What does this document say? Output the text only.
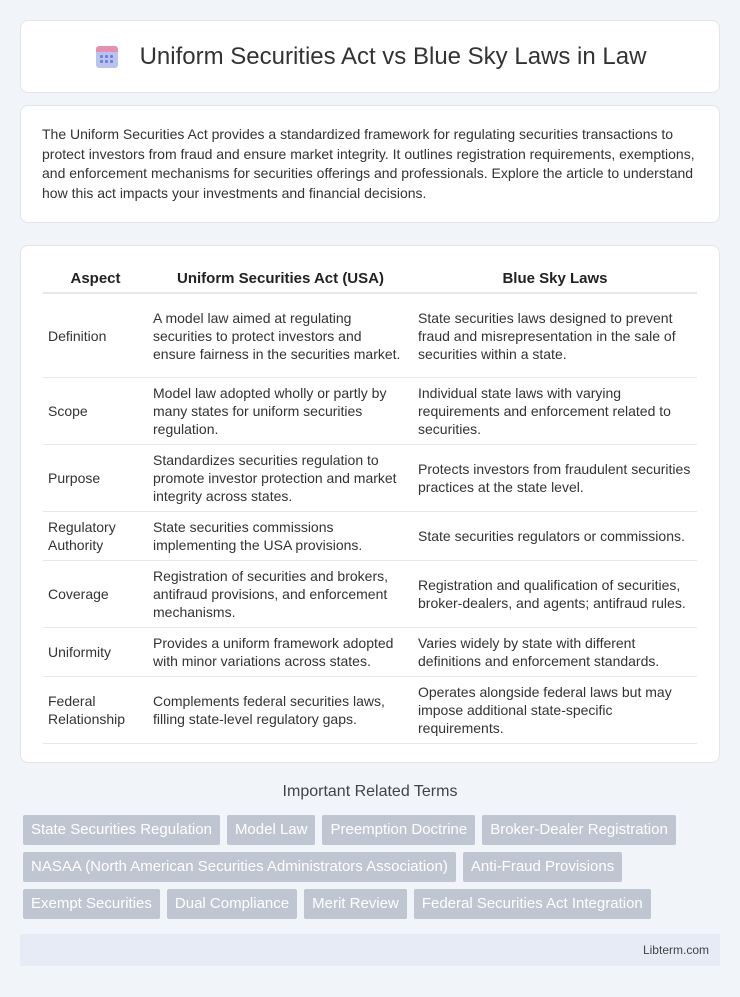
Uniform Securities Act vs Blue Sky Laws in Law

The Uniform Securities Act provides a standardized framework for regulating securities transactions to protect investors from fraud and ensure market integrity. It outlines registration requirements, exemptions, and enforcement mechanisms for securities offerings and professionals. Explore the article to understand how this act impacts your investments and financial decisions.

Aspect	Uniform Securities Act (USA)	Blue Sky Laws
Definition	A model law aimed at regulating securities to protect investors and ensure fairness in the securities market.	State securities laws designed to prevent fraud and misrepresentation in the sale of securities within a state.
Scope	Model law adopted wholly or partly by many states for uniform securities regulation.	Individual state laws with varying requirements and enforcement related to securities.
Purpose	Standardizes securities regulation to promote investor protection and market integrity across states.	Protects investors from fraudulent securities practices at the state level.
Regulatory Authority	State securities commissions implementing the USA provisions.	State securities regulators or commissions.
Coverage	Registration of securities and brokers, antifraud provisions, and enforcement mechanisms.	Registration and qualification of securities, broker-dealers, and agents; antifraud rules.
Uniformity	Provides a uniform framework adopted with minor variations across states.	Varies widely by state with different definitions and enforcement standards.
Federal Relationship	Complements federal securities laws, filling state-level regulatory gaps.	Operates alongside federal laws but may impose additional state-specific requirements.
Important Related Terms
State Securities Regulation	Model Law	Preemption Doctrine	Broker-Dealer Registration
NASAA (North American Securities Administrators Association)	Anti-Fraud Provisions
Exempt Securities	Dual Compliance	Merit Review	Federal Securities Act Integration
Libterm.com
